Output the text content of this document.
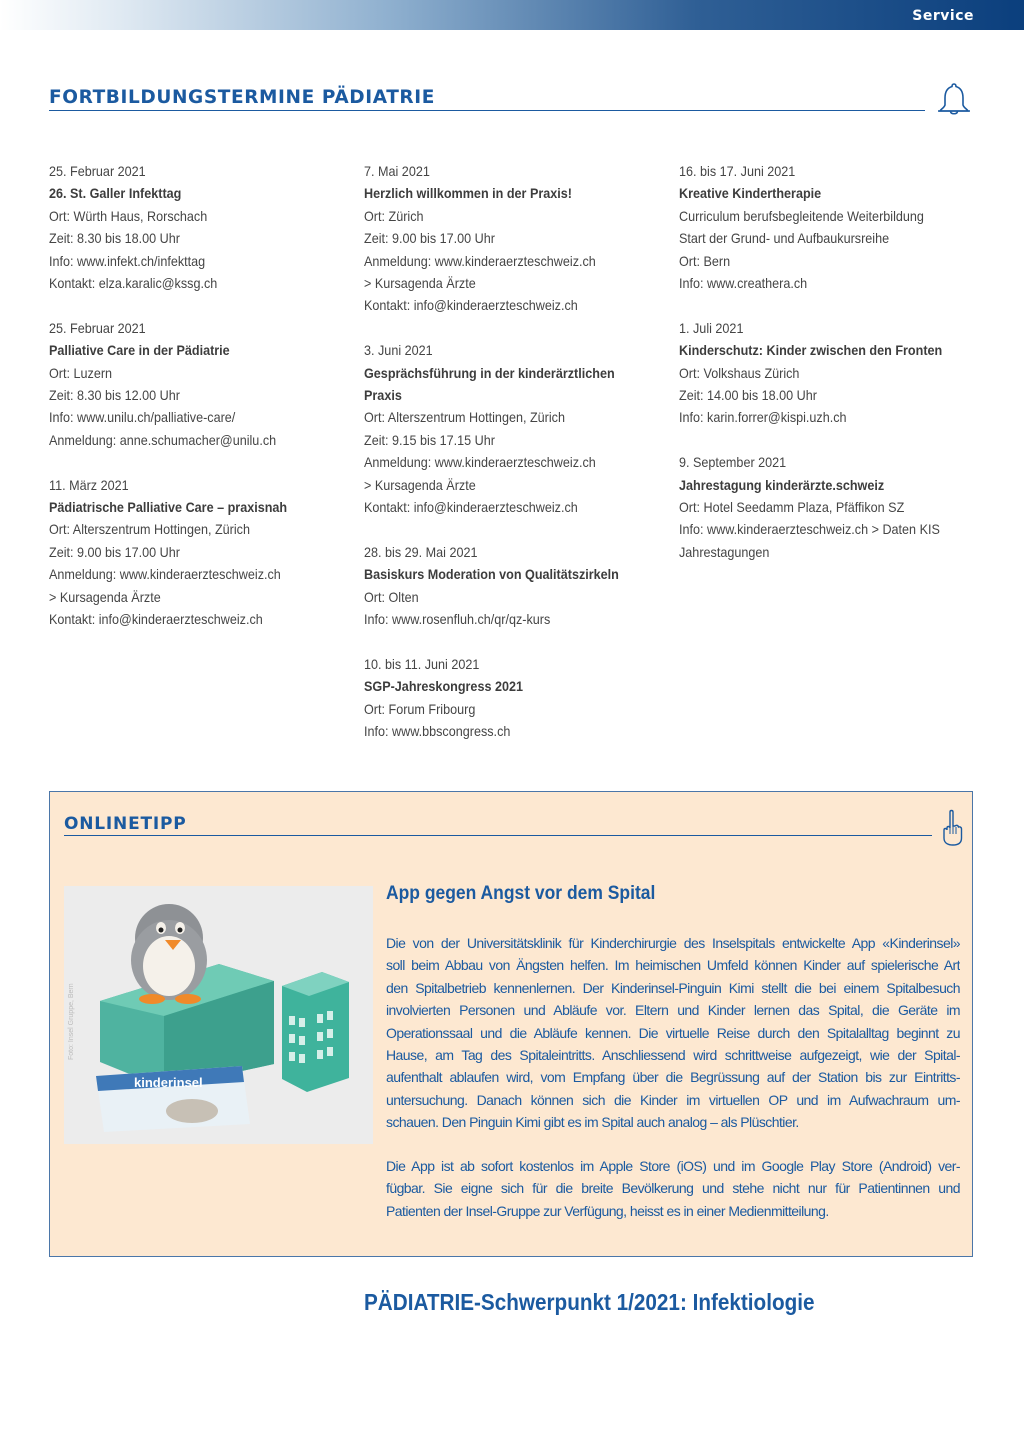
Service
FORTBILDUNGSTERMINE PÄDIATRIE
25. Februar 2021
26. St. Galler Infekttag
Ort: Würth Haus, Rorschach
Zeit: 8.30 bis 18.00 Uhr
Info: www.infekt.ch/infekttag
Kontakt: elza.karalic@kssg.ch
25. Februar 2021
Palliative Care in der Pädiatrie
Ort: Luzern
Zeit: 8.30 bis 12.00 Uhr
Info: www.unilu.ch/palliative-care/
Anmeldung: anne.schumacher@unilu.ch
11. März 2021
Pädiatrische Palliative Care – praxisnah
Ort: Alterszentrum Hottingen, Zürich
Zeit: 9.00 bis 17.00 Uhr
Anmeldung: www.kinderaerzteschweiz.ch
> Kursagenda Ärzte
Kontakt: info@kinderaerzteschweiz.ch
7. Mai 2021
Herzlich willkommen in der Praxis!
Ort: Zürich
Zeit: 9.00 bis 17.00 Uhr
Anmeldung: www.kinderaerzteschweiz.ch
> Kursagenda Ärzte
Kontakt: info@kinderaerzteschweiz.ch
3. Juni 2021
Gesprächsführung in der kinderärztlichen
Praxis
Ort: Alterszentrum Hottingen, Zürich
Zeit: 9.15 bis 17.15 Uhr
Anmeldung: www.kinderaerzteschweiz.ch
> Kursagenda Ärzte
Kontakt: info@kinderaerzteschweiz.ch
28. bis 29. Mai 2021
Basiskurs Moderation von Qualitätszirkeln
Ort: Olten
Info: www.rosenfluh.ch/qr/qz-kurs
10. bis 11. Juni 2021
SGP-Jahreskongress 2021
Ort: Forum Fribourg
Info: www.bbscongress.ch
16. bis 17. Juni 2021
Kreative Kindertherapie
Curriculum berufsbegleitende Weiterbildung
Start der Grund- und Aufbaukursreihe
Ort: Bern
Info: www.creathera.ch
1. Juli 2021
Kinderschutz: Kinder zwischen den Fronten
Ort: Volkshaus Zürich
Zeit: 14.00 bis 18.00 Uhr
Info: karin.forrer@kispi.uzh.ch
9. September 2021
Jahrestagung kinderärzte.schweiz
Ort: Hotel Seedamm Plaza, Pfäffikon SZ
Info: www.kinderaerzteschweiz.ch > Daten KIS
Jahrestagungen
ONLINETIPP
kinderinsel
Foto: Insel Gruppe, Bern
App gegen Angst vor dem Spital
Die von der Universitätsklinik für Kinderchirurgie des Inselspitals entwickelte App «Kinderinsel»
soll beim Abbau von Ängsten helfen. Im heimischen Umfeld können Kinder auf spielerische Art
den Spitalbetrieb kennenlernen. Der Kinderinsel-Pinguin Kimi stellt die bei einem Spitalbesuch
involvierten Personen und Abläufe vor. Eltern und Kinder lernen das Spital, die Geräte im
Operationssaal und die Abläufe kennen. Die virtuelle Reise durch den Spitalalltag beginnt zu
Hause, am Tag des Spitaleintritts. Anschliessend wird schrittweise aufgezeigt, wie der Spital-
aufenthalt ablaufen wird, vom Empfang über die Begrüssung auf der Station bis zur Eintritts-
untersuchung. Danach können sich die Kinder im virtuellen OP und im Aufwachraum um-
schauen. Den Pinguin Kimi gibt es im Spital auch analog – als Plüschtier.
Die App ist ab sofort kostenlos im Apple Store (iOS) und im Google Play Store (Android) ver-
fügbar. Sie eigne sich für die breite Bevölkerung und stehe nicht nur für Patientinnen und
Patienten der Insel-Gruppe zur Verfügung, heisst es in einer Medienmitteilung.
PÄDIATRIE-Schwerpunkt 1/2021: Infektiologie
